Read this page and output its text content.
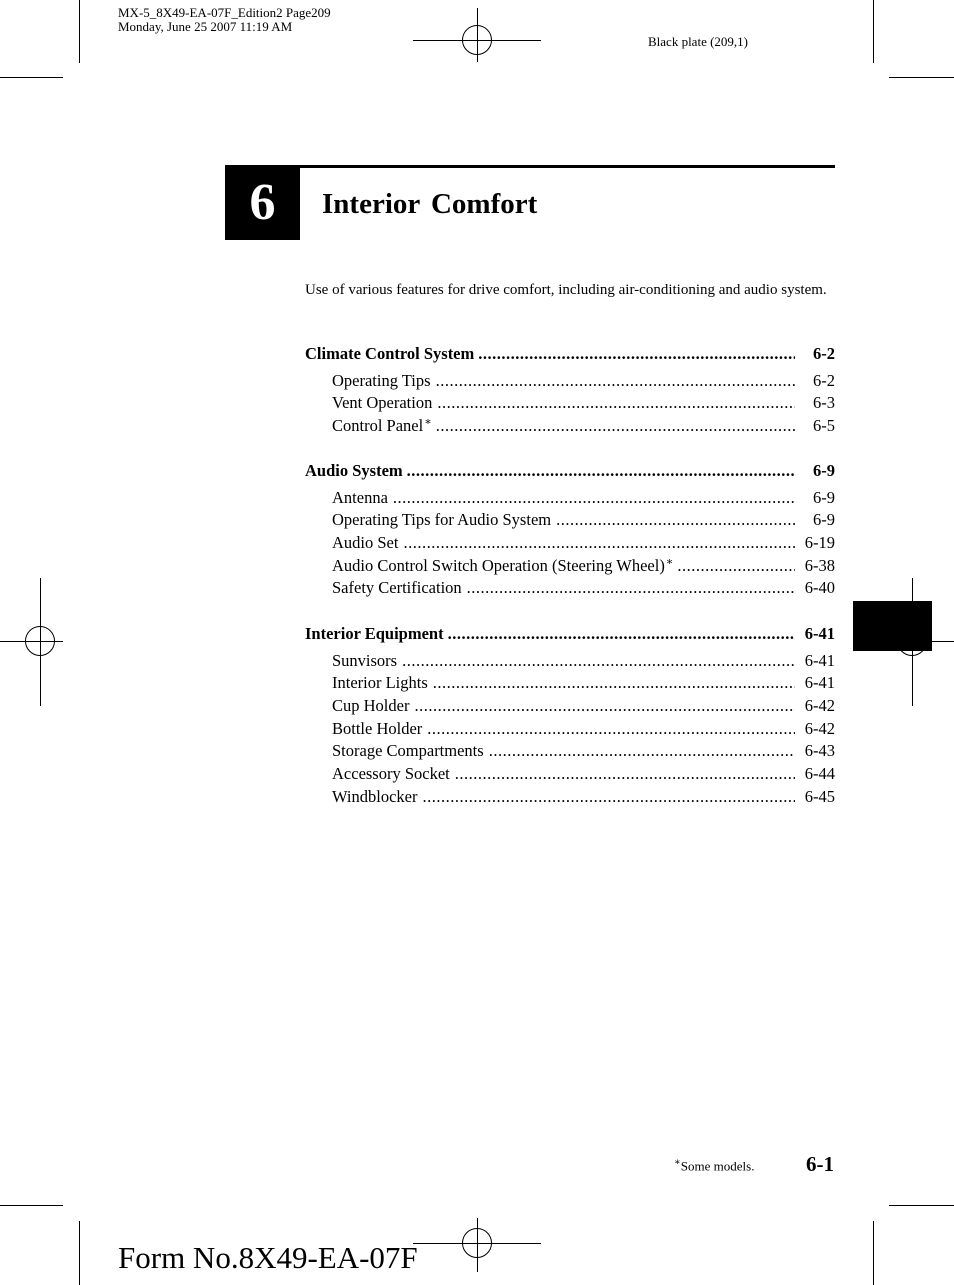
MX-5_8X49-EA-07F_Edition2 Page209
Monday, June 25 2007 11:19 AM
Black plate (209,1)
6	Interior Comfort
Use of various features for drive comfort, including air-conditioning and audio system.
Climate Control System .....	6-2
Operating Tips .....	6-2
Vent Operation .....	6-3
Control Panel∗ .....	6-5
Audio System .....	6-9
Antenna .....	6-9
Operating Tips for Audio System .....	6-9
Audio Set .....	6-19
Audio Control Switch Operation (Steering Wheel)∗ .....	6-38
Safety Certification .....	6-40
Interior Equipment .....	6-41
Sunvisors .....	6-41
Interior Lights .....	6-41
Cup Holder .....	6-42
Bottle Holder .....	6-42
Storage Compartments .....	6-43
Accessory Socket .....	6-44
Windblocker .....	6-45
∗Some models. 6-1
Form No.8X49-EA-07F
